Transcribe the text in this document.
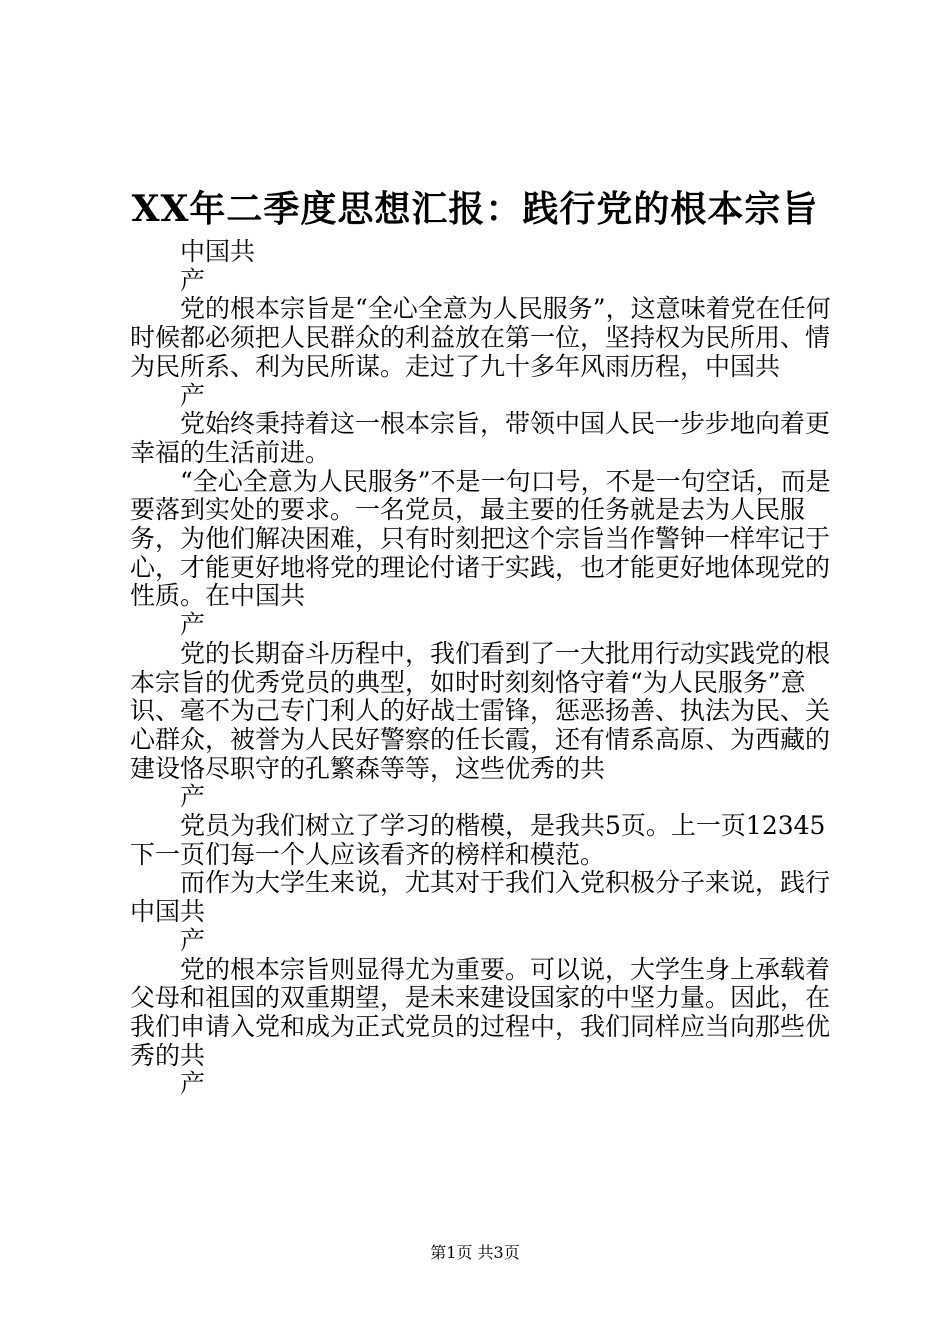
XX年二季度思想汇报：践行党的根本宗旨

中国共

产

党的根本宗旨是“全心全意为人民服务”，这意味着党在任何时候都必须把人民群众的利益放在第一位，坚持权为民所用、情为民所系、利为民所谋。走过了九十多年风雨历程，中国共

产

党始终秉持着这一根本宗旨，带领中国人民一步步地向着更幸福的生活前进。

“全心全意为人民服务”不是一句口号，不是一句空话，而是要落到实处的要求。一名党员，最主要的任务就是去为人民服务，为他们解决困难，只有时刻把这个宗旨当作警钟一样牢记于心，才能更好地将党的理论付诸于实践，也才能更好地体现党的性质。在中国共

产

党的长期奋斗历程中，我们看到了一大批用行动实践党的根本宗旨的优秀党员的典型，如时时刻刻恪守着“为人民服务”意识、毫不为己专门利人的好战士雷锋，惩恶扬善、执法为民、关心群众，被誉为人民好警察的任长霞，还有情系高原、为西藏的建设恪尽职守的孔繁森等等，这些优秀的共

产

党员为我们树立了学习的楷模，是我共5页。上一页12345下一页们每一个人应该看齐的榜样和模范。

而作为大学生来说，尤其对于我们入党积极分子来说，践行中国共

产

党的根本宗旨则显得尤为重要。可以说，大学生身上承载着父母和祖国的双重期望，是未来建设国家的中坚力量。因此，在我们申请入党和成为正式党员的过程中，我们同样应当向那些优秀的共

产

第1页 共3页
